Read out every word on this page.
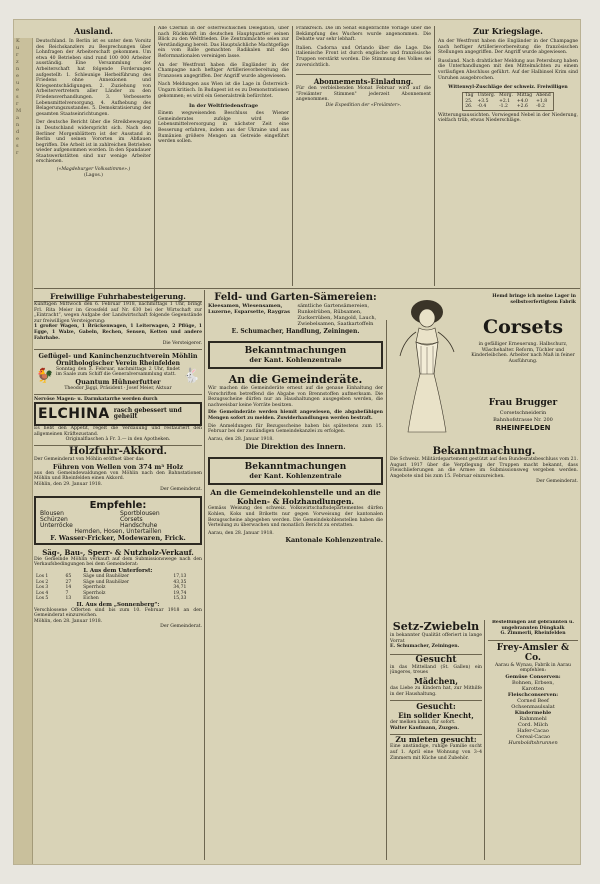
K
u
r
z
n
e
u
e
s
r
M
a
n
d
e
s
r

Ausland.

Deutschland. In Berlin ist es unter dem Vorsitz des Reichskanzlers zu Besprechungen über Lohnfragen der Arbeiterschaft gekommen. Um etwa 40 Betrieben sind rund 100 000 Arbeiter ausständig. Eine Versammlung der Arbeiterschaft hat folgende Forderungen aufgestellt: 1. Schleunige Herbeiführung des Friedens ohne Annexionen und Kriegsentschädigungen. 2. Zuziehung von Arbeitervertretern aller Länder zu den Friedensverhandlungen. 3. Verbesserte Lebensmittelversorgung. 4. Aufhebung des Belagerungszustandes. 5. Demokratisierung der gesamten Staatseinrichtungen.

Der deutsche Bericht über die Streikbewegung in Deutschland widerspricht sich. Nach den Berliner Morgenblättern ist der Ausstand in Berlin und seinen Vororten im Abflauen begriffen. Die Arbeit ist in zahlreichen Betrieben wieder aufgenommen worden. In den Spandauer Staatswerkstätten sind nur wenige Arbeiter erschienen.

(«Magdeburger Volksstimme».)

(Lagos.)

Alle Czernin in der österreichischen Delegation, über nach Rückkunft im deutschen Hauptquartier seinen Blick zu den Weltfrieden. Die Zentralmächte seien zur Verständigung bereit. Das Hauptsächliche Machtgefüge ein vom Balle gemachten Radikalen mit den Reformnationalen vereinigen lasse.

An der Westfront haben die Engländer in der Champagne nach heftiger Artillerievorbereitung die Franzosen angegriffen. Der Angriff wurde abgewiesen.

Nach Meldungen aus Wien ist die Lage in Österreich-Ungarn kritisch. In Budapest ist es zu Demonstrationen gekommen; es wird ein Generalstreik befürchtet.

In der Weltfriedensfrage

Einem wegweisenden Beschluss des Wiener Gemeinderates zufolge wird die Lebensmittelversorgung in nächster Zeit eine Besserung erfahren, indem aus der Ukraine und aus Rumänien größere Mengen an Getreide eingeführt werden sollen.

Frankreich. Die im Senat eingebrachte Vorlage über die Bekämpfung des Wuchers wurde angenommen. Die Debatte war sehr lebhaft.

Italien. Cadorna und Orlando über die Lage. Die italienische Front ist durch englische und französische Truppen verstärkt worden. Die Stimmung des Volkes sei zuversichtlich.

Abonnements-Einladung.

Für den verbleibenden Monat Februar wird auf die "Freiämter Stimmen" jederzeit Abonnement angenommen.

Die Expedition der «Freiämter».

Zur Kriegslage.

An der Westfront haben die Engländer in der Champagne nach heftiger Artillerievorbereitung die französischen Stellungen angegriffen. Der Angriff wurde abgewiesen.

Russland. Nach drahtlicher Meldung aus Petersburg haben die Unterhandlungen mit den Mittelmächten zu einem vorläufigen Abschluss geführt. Auf der Halbinsel Krim sind Unruhen ausgebrochen.

Wittenwyl-Zuschläge der schweiz. Freiwilligen

Tag	Unterg.	Morg.	Mittag	Abend
25.	+3.5	+2.1	+4.0	+1.8
26.	-0.4	-1.2	+2.6	-0.2

Witterungsaussichten. Vorwiegend Nebel in der Niederung, vielfach trüb, etwas Niederschläge.

Freiwillige Fuhrhabesteigerung.

Künftigen Mittwoch den 6. Februar 1918, nachmittags 1 Uhr, bringt Frl. Rita Meier im Grossfeld auf Nr. 630 bei der Wirtschaft zur „Eintracht“, wegen Aufgabe der Landwirtschaft folgende Gegenstände zur freiwilligen Versteigerung:

1 großer Wagen, 1 Brückenwagen, 1 Leiterwagen, 2 Pflüge, 1 Egge, 1 Walze, Gabeln, Rechen, Sensen, Ketten und andere Fahrhabe.

Die Versteigerer.

🐓	🐇

Geflügel- und Kaninchenzuchtverein Möhlin

Ornithologischer Verein Rheinfelden

Sonntag den 3. Februar, nachmittags 2 Uhr, findet im Saale zum Schiff die Generalversammlung statt.

Quantum Hühnerfutter

Theodor Jäggi, Präsident · Josef Meier, Aktuar

Nervöse Magen- u. Darmkatarrhe werden durch

ELCHINA rasch gebessert und geheilt

Es hebt den Appetit, regelt die Verdauung und restauriert den allgemeinen Kräftezustand.

Originalflaschen à Fr. 3.— in den Apotheken.

Holzfuhr-Akkord.

Der Gemeinderat von Möhlin eröffnet über das

Führen von Wellen von 374 m³ Holz

aus den Gemeindewaldungen von Möhlin nach den Bahnstationen Möhlin und Rheinfelden einen Akkord.

Möhlin, den 29. Januar 1918.

Der Gemeinderat.

Empfehle:

Blousen	Sportblousen
Schürzen	Corsets
Unterröcke	Handschuhe

Hemden, Hosen, Untertaillen

F. Wasser-Fricker, Modewaren, Frick.

Säg-, Bau-, Sperr- & Nutzholz-Verkauf.

Die Gemeinde Möhlin verkauft auf dem Submissionswege nach den Verkaufsbedingungen bei dem Gemeinderat:

I. Aus dem Unterforst:

Los 1	65	Säge und Bauhölzer	17,13
Los 2	27	Säge und Bauhölzer	43,35
Los 3	14	Sperrholz	34,71
Los 4	7	Sperrholz	19,74
Los 5	13	Eichen	15,33

II. Aus dem „Sonnenberg“:

Verschlossene Offerten sind bis zum 10. Februar 1918 an den Gemeinderat einzureichen.

Möhlin, den 28. Januar 1918.

Der Gemeinderat.

Feld- und Garten-Sämereien:

Kleesamen, Wiesensamen, Luzerne, Esparsette, Raygras

sämtliche Gartensämereien, Runkelrüben, Rübsamen, Zuckerrüben, Mangold, Lauch, Zwiebelsamen, Saatkartoffeln

E. Schumacher, Handlung, Zeiningen.

Bekanntmachungen

der Kant. Kohlenzentrale

An die Gemeinderäte.

Wir machen die Gemeinderäte erneut auf die genaue Einhaltung der Vorschriften betreffend die Abgabe von Brennstoffen aufmerksam. Die Bezugsscheine dürfen nur an Haushaltungen ausgegeben werden, die nachweisbar keine Vorräte besitzen.

Die Gemeinderäte werden hiemit angewiesen, die abgabefähigen Mengen sofort zu melden. Zuwiderhandlungen werden bestraft.

Die Anmeldungen für Bezugsscheine haben bis spätestens zum 15. Februar bei der zuständigen Gemeindekanzlei zu erfolgen.

Aarau, den 28. Januar 1918.

Die Direktion des Innern.

Bekanntmachungen

der Kant. Kohlenzentrale

An die Gemeindekohlenstelle und an die Kohlen- & Holzhandlungen.

Gemäss Weisung des schweiz. Volkswirtschaftsdepartementes dürfen Kohlen, Koks und Briketts nur gegen Vorweisung der kantonalen Bezugsscheine abgegeben werden. Die Gemeindekohlenstellen haben die Verteilung zu überwachen und monatlich Bericht zu erstatten.

Aarau, den 28. Januar 1918.

Kantonale Kohlenzentrale.

Hemd bringe ich meine Lager in selbstverfertigtem Fabrik

Corsets

in gefälliger Erneuerung. Halbschurz, Wäschehalter. Reform, Tüchler und Kinderleibchen. Arbeiter nach Maß in feiner Ausführung.

Frau Brugger

Corsetschneiderin

Bahnhofstrasse Nr. 200

RHEINFELDEN

Bekanntmachung.

Die Schweiz. Militärdepartement gestützt auf den Bundesratsbeschluss vom 21. August 1917 über die Verpflegung der Truppen macht bekannt, dass Fleischlieferungen an die Armee im Submissionsweg vergeben werden. Angebote sind bis zum 15. Februar einzureichen.

Der Gemeinderat.

Setz-Zwiebeln

in bekannter Qualität offeriert in lange Vorrat

E. Schumacher, Zeiningen.

Gesucht

in das Mittelland (St. Gallen) ein jüngeres, treues

Mädchen,

das Liebe zu Kindern hat, zur Mithilfe in der Haushaltung.

Gesucht:

Ein solider Knecht,

der melken kann, für sofort.

Walter Kaufmann, Zuzgen.

Zu mieten gesucht:

Eine anständige, ruhige Familie sucht auf 1. April eine Wohnung von 3–4 Zimmern mit Küche und Zubehör.

Bestellungen auf gebrannten u. ungebrannten Düngkalk

G. Zimmerli, Rheinfelden

Frey-Amsler & Co.

Aarau & Wynau, Fabrik in Aarau

empfehlen:

Gemüse Conserven:

Bohnen, Erbsen,

Karotten

Fleischconserven:

Corned Beef

Ochsenmaulsalat

Kindermehle

Rahmmehl

Cord. Milch

Hafer-Cacao

Cereal-Cacao

Humboldtsbrunnen
